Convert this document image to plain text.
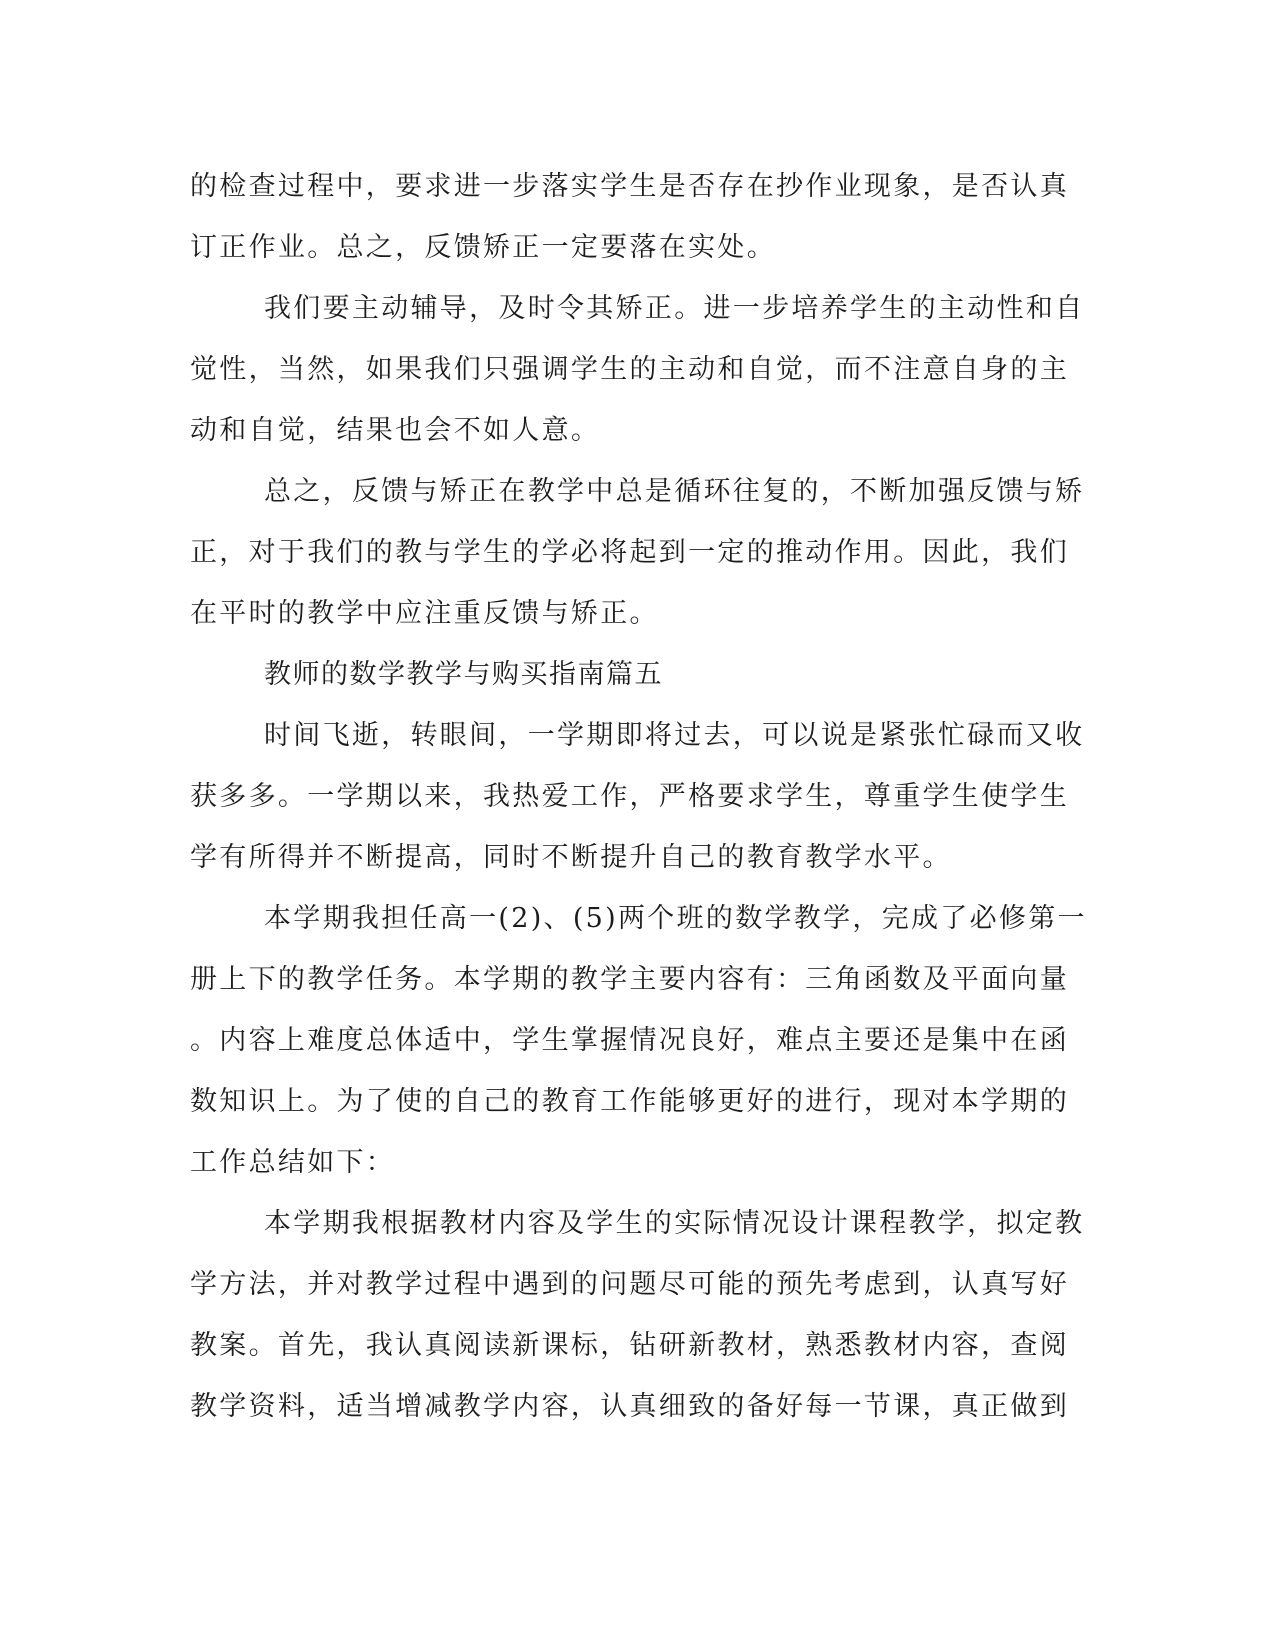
的检查过程中，要求进一步落实学生是否存在抄作业现象，是否认真
订正作业。总之，反馈矫正一定要落在实处。
我们要主动辅导，及时令其矫正。进一步培养学生的主动性和自
觉性，当然，如果我们只强调学生的主动和自觉，而不注意自身的主
动和自觉，结果也会不如人意。
总之，反馈与矫正在教学中总是循环往复的，不断加强反馈与矫
正，对于我们的教与学生的学必将起到一定的推动作用。因此，我们
在平时的教学中应注重反馈与矫正。
教师的数学教学与购买指南篇五
时间飞逝，转眼间，一学期即将过去，可以说是紧张忙碌而又收
获多多。一学期以来，我热爱工作，严格要求学生，尊重学生使学生
学有所得并不断提高，同时不断提升自己的教育教学水平。
本学期我担任高一(2)、(5)两个班的数学教学，完成了必修第一
册上下的教学任务。本学期的教学主要内容有：三角函数及平面向量
。内容上难度总体适中，学生掌握情况良好，难点主要还是集中在函
数知识上。为了使的自己的教育工作能够更好的进行，现对本学期的
工作总结如下：
本学期我根据教材内容及学生的实际情况设计课程教学，拟定教
学方法，并对教学过程中遇到的问题尽可能的预先考虑到，认真写好
教案。首先，我认真阅读新课标，钻研新教材，熟悉教材内容，查阅
教学资料，适当增减教学内容，认真细致的备好每一节课，真正做到
